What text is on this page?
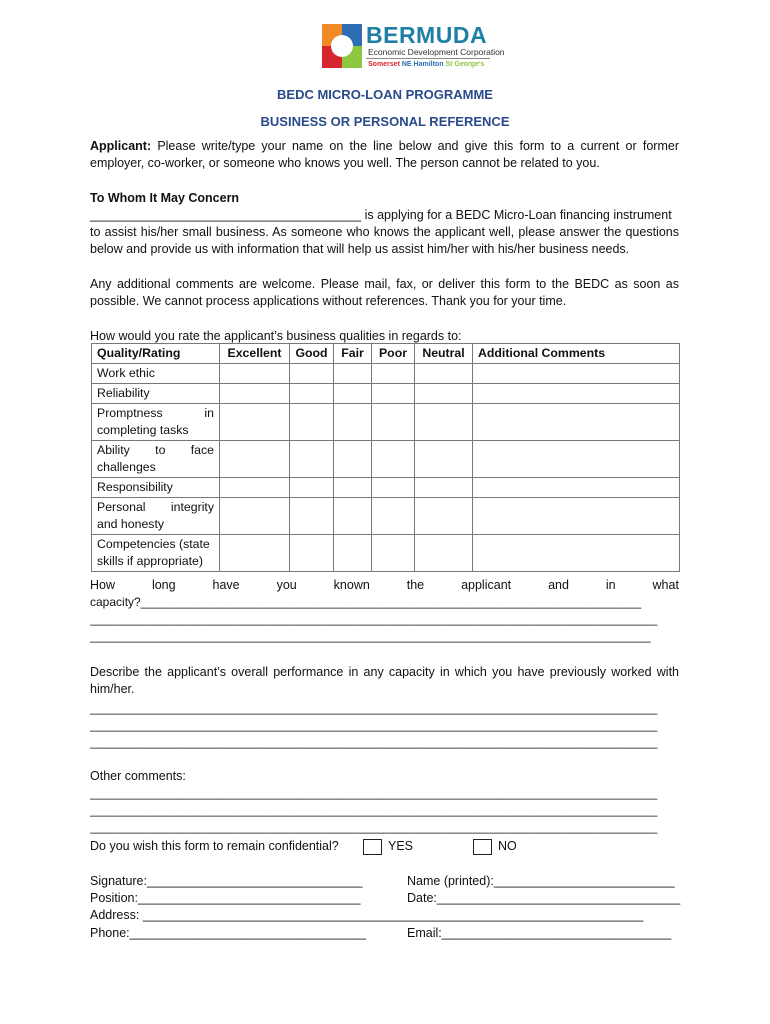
BERMUDA
Economic Development Corporation
Somerset NE Hamilton St George's
BEDC MICRO-LOAN PROGRAMME
BUSINESS OR PERSONAL REFERENCE
Applicant: Please write/type your name on the line below and give this form to a current or former
employer, co-worker, or someone who knows you well. The person cannot be related to you.
To Whom It May Concern
_______________________________________ is applying for a BEDC Micro-Loan financing instrument
to assist his/her small business. As someone who knows the applicant well, please answer the questions
below and provide us with information that will help us assist him/her with his/her business needs.
Any additional comments are welcome. Please mail, fax, or deliver this form to the BEDC as soon as
possible. We cannot process applications without references. Thank you for your time.
How would you rate the applicant’s business qualities in regards to:
Quality/Rating	Excellent	Good	Fair	Poor	Neutral	Additional Comments
Work ethic						
Reliability						
Promptness in completing tasks						
Ability to face challenges						
Responsibility						
Personal integrity and honesty						
Competencies (state skills if appropriate)						
How	long	have	you	known	the	applicant	and	in	what
capacity?___________________________________________________________________________
_____________________________________________________________________________________
____________________________________________________________________________________
Describe the applicant’s overall performance in any capacity in which you have previously worked with
him/her.
_____________________________________________________________________________________
_____________________________________________________________________________________
_____________________________________________________________________________________
Other comments:
_____________________________________________________________________________________
_____________________________________________________________________________________
_____________________________________________________________________________________
Do you wish this form to remain confidential?	YES	NO
Signature:_______________________________	Name (printed):__________________________
Position:________________________________	Date:___________________________________
Address: ________________________________________________________________________
Phone:__________________________________	Email:_________________________________
